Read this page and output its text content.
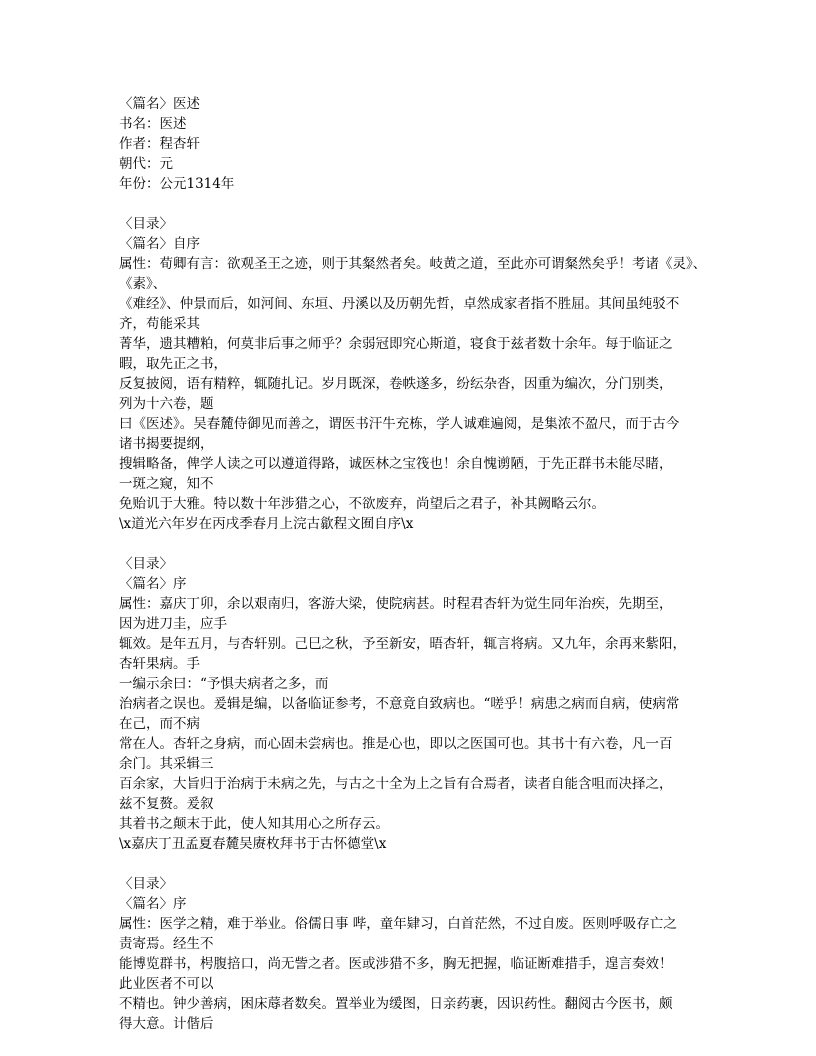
〈篇名〉医述
书名：医述
作者：程杏轩
朝代：元
年份：公元1314年
〈目录〉
〈篇名〉自序
属性：荀卿有言：欲观圣王之迹，则于其粲然者矣。岐黄之道，至此亦可谓粲然矣乎！考诸《灵》、
《素》、
《难经》、仲景而后，如河间、东垣、丹溪以及历朝先哲，卓然成家者指不胜屈。其间虽纯驳不
齐，苟能采其
菁华，遗其糟粕，何莫非后事之师乎？余弱冠即究心斯道，寝食于兹者数十余年。每于临证之
暇，取先正之书，
反复披阅，语有精粹，辄随扎记。岁月既深，卷帙遂多，纷纭杂沓，因重为编次，分门别类，
列为十六卷，题
曰《医述》。吴春麓侍御见而善之，谓医书汗牛充栋，学人诚难遍阅，是集浓不盈尺，而于古今
诸书揭要提纲，
搜辑略备，俾学人读之可以遵道得路，诚医林之宝筏也！余自愧谫陋，于先正群书未能尽睹，
一斑之窥，知不
免贻讥于大雅。特以数十年涉猎之心，不欲废弃，尚望后之君子，补其阙略云尔。
\x道光六年岁在丙戌季春月上浣古歙程文囿自序\x
〈目录〉
〈篇名〉序
属性：嘉庆丁卯，余以艰南归，客游大梁，使院病甚。时程君杏轩为觉生同年治疾，先期至，
因为进刀圭，应手
辄效。是年五月，与杏轩别。己巳之秋，予至新安，晤杏轩，辄言将病。又九年，余再来紫阳，
杏轩果病。手
一编示余曰：“予惧夫病者之多，而
治病者之误也。爰辑是编，以备临证参考，不意竟自致病也。“嗟乎！病患之病而自病，使病常
在己，而不病
常在人。杏轩之身病，而心固未尝病也。推是心也，即以之医国可也。其书十有六卷，凡一百
余门。其采辑三
百余家，大旨归于治病于未病之先，与古之十全为上之旨有合焉者，读者自能含咀而决择之，
兹不复赘。爰叙
其着书之颠末于此，使人知其用心之所存云。
\x嘉庆丁丑孟夏春麓吴赓枚拜书于古怀德堂\x
〈目录〉
〈篇名〉序
属性：医学之精，难于举业。俗儒日事 哔，童年肄习，白首茫然，不过自废。医则呼吸存亡之
责寄焉。经生不
能博览群书，枵腹掊口，尚无訾之者。医或涉猎不多，胸无把握，临证断难措手，遑言奏效！
此业医者不可以
不精也。钟少善病，困床蓐者数矣。置举业为缓图，日亲药裹，因识药性。翻阅古今医书，颇
得大意。计偕后
